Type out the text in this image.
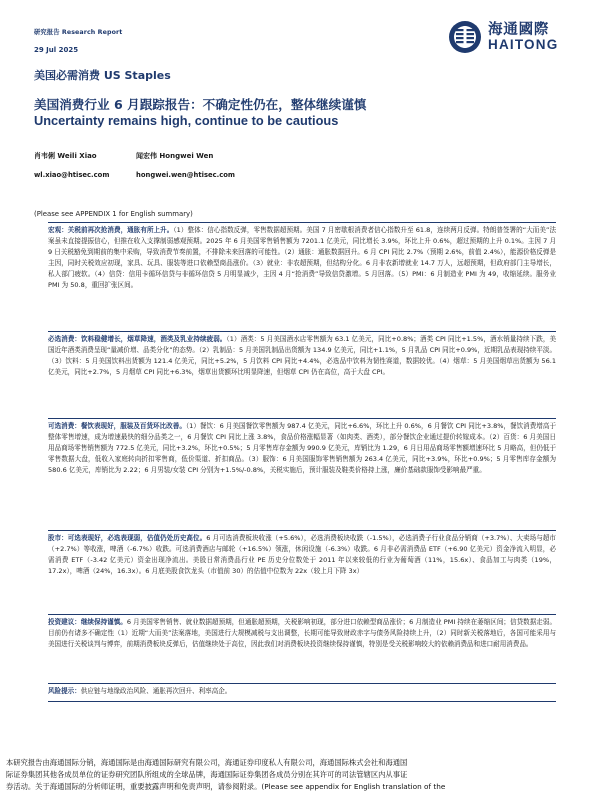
研究报告 Research Report
29 Jul 2025
海通國際
HAITONG
美国必需消费 US Staples
美国消费行业 6 月跟踪报告：不确定性仍在，整体继续谨慎
Uncertainty remains high, continue to be cautious
肖韦俐 Weili Xiao
wl.xiao@htisec.com
闻宏伟 Hongwei Wen
hongwei.wen@htisec.com
(Please see APPENDIX 1 for English summary)
宏观：关税前再次抢消费，通胀有所上升。（1）整体：信心指数反弹，零售数据超预期。美国 7 月密歇根消费者信心指数升至 61.8，连续两月反弹。特朗普签署的“大而美”法案虽未直接提振信心，但推在收入支撑制弱感观预期。2025 年 6 月美国零售销售额为 7201.1 亿美元，同比增长 3.9%，环比上升 0.6%，超过预期的上升 0.1%。主因 7 月 9 日关税豁免到期前的集中采购，导致消费节奏前置，不排除未来回落的可能性。（2）通胀：通胀数据回升。6 月 CPI 同比 2.7%（预期 2.6%，前值 2.4%），能源价格反弹是主因，同时关税效应初现，家具、玩具、服装等进口依赖型商品涨价。（3）就业：非农超预期，但结构分化。6 月非农新增就业 14.7 万人，远超预期，但政府部门主导增长，私人部门疲软。（4）信贷：信用卡循环信贷与非循环信贷 5 月明显减少，主因 4 月“抢消费”导致信贷激增。5 月回落。（5）PMI：6 月制造业 PMI 为 49，收缩延续。服务业 PMI 为 50.8，重回扩张区间。
必选消费：饮料稳健增长，烟草降速，酒类及乳业持续疲弱。（1）酒类：5 月美国酒水店零售额为 63.1 亿美元，同比+0.8%；酒类 CPI 同比+1.5%，酒水销量持续下跌，美国近年酒类消费呈现“量减价增、品类分化”的态势。（2）乳制品：5 月美国乳制品出货额为 134.9 亿美元，同比+1.1%，5 月乳品 CPI 同比+0.9%，近期乳品表现持续平淡。（3）饮料：5 月美国饮料出货额为 121.4 亿美元，同比+5.2%，5 月饮料 CPI 同比+4.4%，必选品中饮料为韧性赛道，数据较优。（4）烟草：5 月美国烟草出货额为 56.1 亿美元，同比+2.7%，5 月烟草 CPI 同比+6.3%，烟草出货额环比明显降速，但烟草 CPI 仍在高位，高于大盘 CPI。
可选消费：餐饮表现好，服装及百货环比改善。（1）餐饮：6 月美国餐饮零售额为 987.4 亿美元，同比+6.6%，环比上升 0.6%，6 月餐饮 CPI 同比+3.8%，餐饮消费增高于整体零售增速，成为增速最快的细分品类之一，6 月餐饮 CPI 同比上涨 3.8%，食品价格涨幅显著（如肉类、酒类），部分餐饮企业通过提价转嫁成本。（2）百货：6 月美国日用品商场零售销售额为 772.5 亿美元，同比+3.2%，环比+0.5%；5 月零售库存金额为 990.9 亿美元，库销比为 1.29，6 月日用品商场零售额增速环比 5 月略高，但仍低于零售数据大盘，低收入家庭转向折扣零售商，低价渠道、折扣商品。（3）服饰：6 月美国服饰零售销售额为 263.4 亿美元，同比+3.9%，环比+0.9%；5 月零售库存金额为 580.6 亿美元，库销比为 2.22；6 月男装/女装 CPI 分别为+1.5%/-0.8%，关税实施后，预计服装及鞋类价格持上涨，廉价基础款服饰受影响最严重。
股市：可选表现好，必选表现弱，估值仍处历史高位。6 月可选消费板块收涨（+5.6%），必选消费板块收跌（-1.5%），必选消费子行业食品分销商（+3.7%）、大卖场与超市（+2.7%）等收涨，啤酒（-6.7%）收跌。可选消费酒店与邮轮（+16.5%）领涨，休闲设施（-6.3%）收跌。6 月非必需消费品 ETF（+6.90 亿美元）资金净流入明显，必需消费 ETF（-3.42 亿美元）资金出现净流出。美股日常消费品行业 PE 历史分位数处于 2011 年以来较低的行业为葡萄酒（11%，15.6x）、食品加工与肉类（19%，17.2x），啤酒（24%，16.3x）。6 月底美股食饮龙头（市值前 30）的估值中位数为 22x（较上月下降 3x）
投资建议：继续保持谨慎。6 月美国零售销售、就业数据超预期，但通胀超预期，关税影响初现，部分进口依赖型商品涨价；6 月制造业 PMI 持续在萎缩区间；信贷数据走弱。目前仍有诸多不确定性（1）近期“大而美”法案落地，美国进行大规模减税与支出调整，长期可能导致财政赤字与债务风险持续上升，（2）同时新关税落地后，各国可能采用与美国进行关税谈判与博弈，前期消费板块反弹后，估值继续处于高位，因此我们对消费板块投资继续保持谨慎，特别是受关税影响较大的依赖消费品和进口耐用消费品。
风险提示：供应链与地缘政治风险、通胀再次回升、利率高企。
本研究报告由海通国际分销，海通国际是由海通国际研究有限公司，海通证券印度私人有限公司，海通国际株式会社和海通国
际证券集团其他各成员单位的证券研究团队所组成的全球品牌，海通国际证券集团各成员分别在其许可的司法管辖区内从事证
券活动。关于海通国际的分析师证明，重要披露声明和免责声明，请参阅附录。(Please see appendix for English translation of the
